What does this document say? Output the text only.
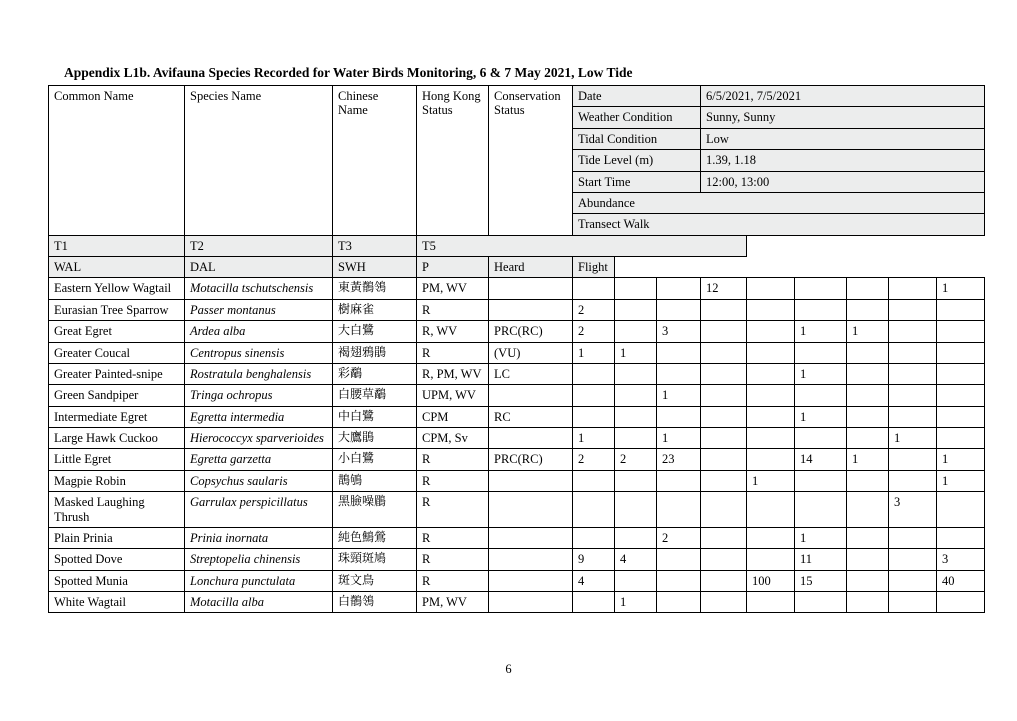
Appendix L1b. Avifauna Species Recorded for Water Birds Monitoring, 6 & 7 May 2021, Low Tide
Common Name	Species Name	Chinese Name	Hong Kong Status	Conservation Status	Date			6/5/2021, 7/5/2021					
					Weather Condition			Sunny, Sunny					
					Tidal Condition			Low					
					Tide Level (m)			1.39, 1.18					
					Start Time			12:00, 13:00					
					Abundance								
					Transect Walk								
T1	T2	T3	T5										
WAL	DAL	SWH	P	Heard	Flight								
Eastern Yellow Wagtail	Motacilla tschutschensis	東黃鶺鴒	PM, WV					12					1
Eurasian Tree Sparrow	Passer montanus	樹麻雀	R		2								
Great Egret	Ardea alba	大白鷺	R, WV	PRC(RC)	2		3			1	1		
Greater Coucal	Centropus sinensis	褐翅鴉鵑	R	(VU)	1	1							
Greater Painted-snipe	Rostratula benghalensis	彩鷸	R, PM, WV	LC						1			
Green Sandpiper	Tringa ochropus	白腰草鷸	UPM, WV				1						
Intermediate Egret	Egretta intermedia	中白鷺	CPM	RC						1			
Large Hawk Cuckoo	Hierococcyx sparverioides	大鷹鵑	CPM, Sv		1		1					1	
Little Egret	Egretta garzetta	小白鷺	R	PRC(RC)	2	2	23			14	1		1
Magpie Robin	Copsychus saularis	鵲鴝	R						1				1
Masked Laughing Thrush	Garrulax perspicillatus	黑臉噪鶥	R									3	
Plain Prinia	Prinia inornata	純色鷦鶯	R				2			1			
Spotted Dove	Streptopelia chinensis	珠頸斑鳩	R		9	4				11			3
Spotted Munia	Lonchura punctulata	斑文鳥	R		4				100	15			40
White Wagtail	Motacilla alba	白鶺鴒	PM, WV			1							
6
